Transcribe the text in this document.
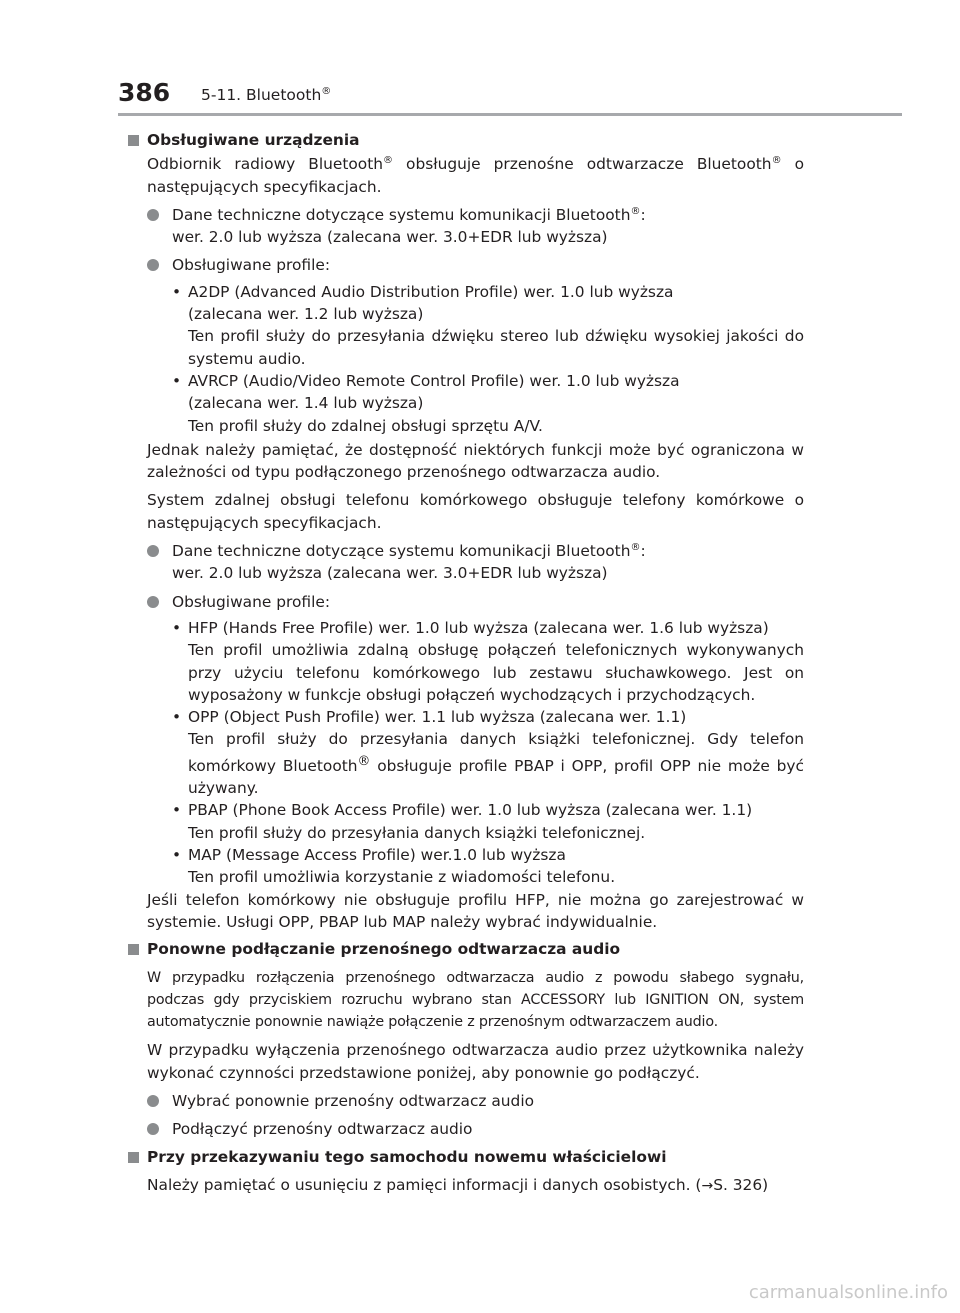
386 5-11. Bluetooth®
Obsługiwane urządzenia
Odbiornik radiowy Bluetooth® obsługuje przenośne odtwarzacze Bluetooth® o następujących specyfikacjach.
Dane techniczne dotyczące systemu komunikacji Bluetooth®:
wer. 2.0 lub wyższa (zalecana wer. 3.0+EDR lub wyższa)
Obsługiwane profile:
• A2DP (Advanced Audio Distribution Profile) wer. 1.0 lub wyższa
(zalecana wer. 1.2 lub wyższa)
Ten profil służy do przesyłania dźwięku stereo lub dźwięku wysokiej jakości do systemu audio.
• AVRCP (Audio/Video Remote Control Profile) wer. 1.0 lub wyższa
(zalecana wer. 1.4 lub wyższa)
Ten profil służy do zdalnej obsługi sprzętu A/V.
Jednak należy pamiętać, że dostępność niektórych funkcji może być ograniczona w zależności od typu podłączonego przenośnego odtwarzacza audio.
System zdalnej obsługi telefonu komórkowego obsługuje telefony komórkowe o następujących specyfikacjach.
Dane techniczne dotyczące systemu komunikacji Bluetooth®:
wer. 2.0 lub wyższa (zalecana wer. 3.0+EDR lub wyższa)
Obsługiwane profile:
• HFP (Hands Free Profile) wer. 1.0 lub wyższa (zalecana wer. 1.6 lub wyższa)
Ten profil umożliwia zdalną obsługę połączeń telefonicznych wykonywanych przy użyciu telefonu komórkowego lub zestawu słuchawkowego. Jest on wyposażony w funkcje obsługi połączeń wychodzących i przychodzących.
• OPP (Object Push Profile) wer. 1.1 lub wyższa (zalecana wer. 1.1)
Ten profil służy do przesyłania danych książki telefonicznej. Gdy telefon komórkowy Bluetooth® obsługuje profile PBAP i OPP, profil OPP nie może być używany.
• PBAP (Phone Book Access Profile) wer. 1.0 lub wyższa (zalecana wer. 1.1)
Ten profil służy do przesyłania danych książki telefonicznej.
• MAP (Message Access Profile) wer.1.0 lub wyższa
Ten profil umożliwia korzystanie z wiadomości telefonu.
Jeśli telefon komórkowy nie obsługuje profilu HFP, nie można go zarejestrować w systemie. Usługi OPP, PBAP lub MAP należy wybrać indywidualnie.
Ponowne podłączanie przenośnego odtwarzacza audio
W przypadku rozłączenia przenośnego odtwarzacza audio z powodu słabego sygnału, podczas gdy przyciskiem rozruchu wybrano stan ACCESSORY lub IGNITION ON, system automatycznie ponownie nawiąże połączenie z przenośnym odtwarzaczem audio.
W przypadku wyłączenia przenośnego odtwarzacza audio przez użytkownika należy wykonać czynności przedstawione poniżej, aby ponownie go podłączyć.
Wybrać ponownie przenośny odtwarzacz audio
Podłączyć przenośny odtwarzacz audio
Przy przekazywaniu tego samochodu nowemu właścicielowi
Należy pamiętać o usunięciu z pamięci informacji i danych osobistych. (→S. 326)
carmanualsonline.info
